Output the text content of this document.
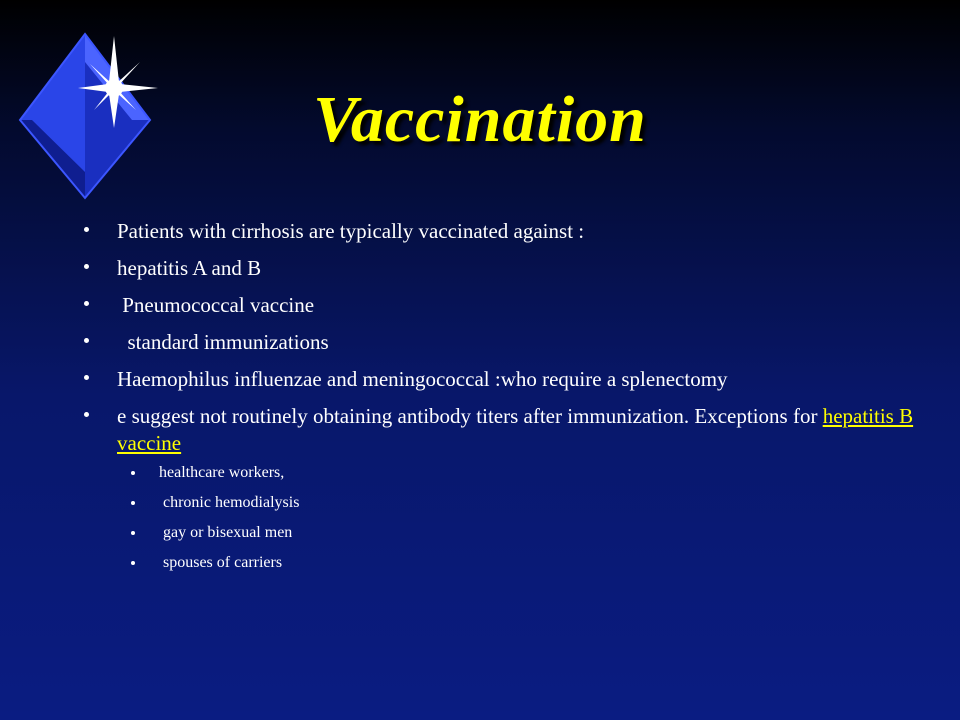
Vaccination
Patients with cirrhosis are typically vaccinated against :
hepatitis A and B
Pneumococcal vaccine
standard immunizations
Haemophilus influenzae and meningococcal :who require a splenectomy
e suggest not routinely obtaining antibody titers after immunization. Exceptions for hepatitis B vaccine
healthcare workers,
chronic hemodialysis
gay or bisexual men
spouses of carriers
